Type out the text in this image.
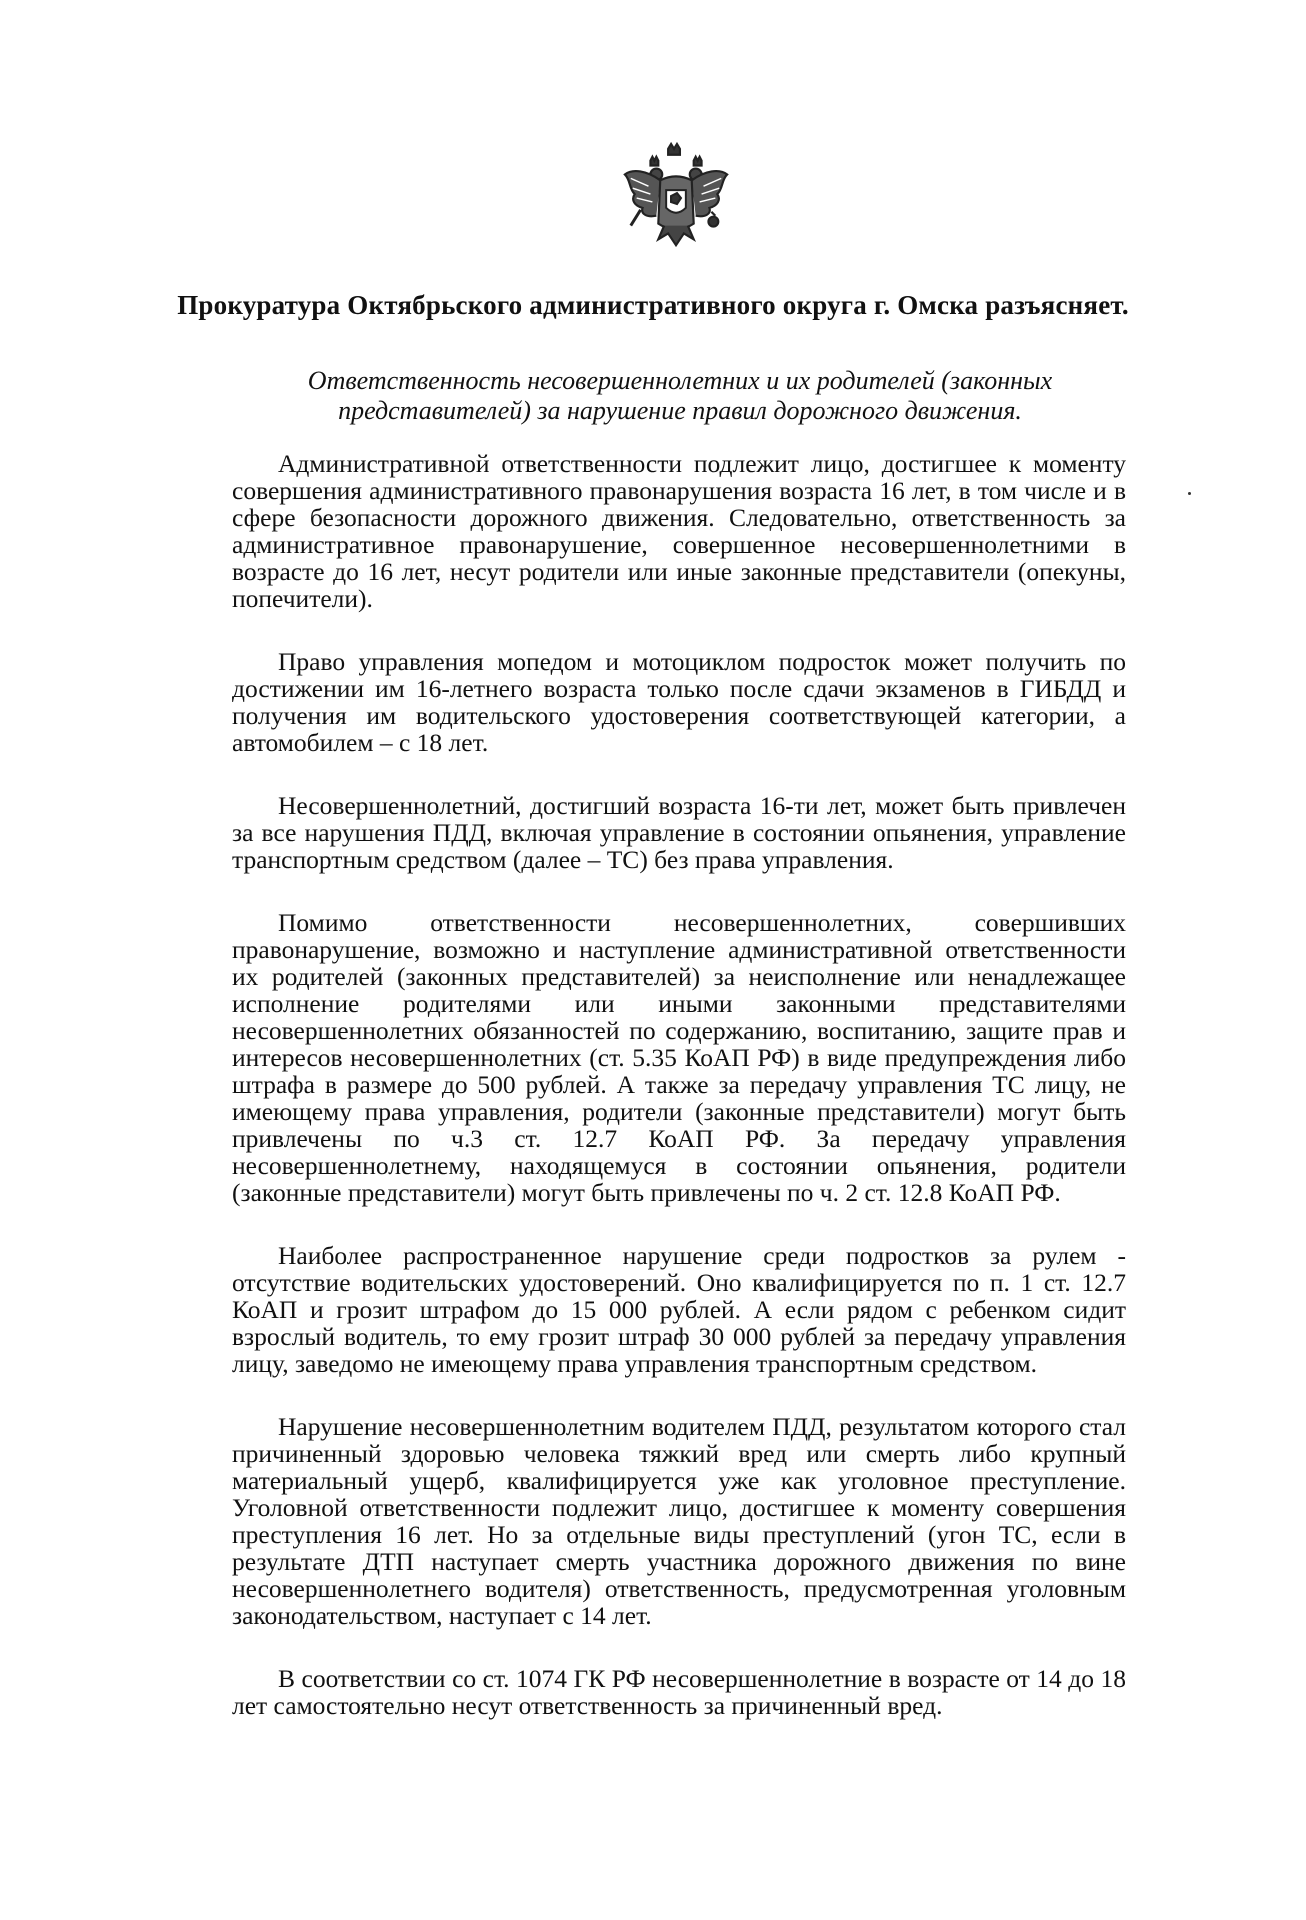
Прокуратура Октябрьского административного округа г. Омска разъясняет.

Ответственность несовершеннолетних и их родителей (законных представителей) за нарушение правил дорожного движения.

Административной ответственности подлежит лицо, достигшее к моменту совершения административного правонарушения возраста 16 лет, в том числе и в сфере безопасности дорожного движения. Следовательно, ответственность за административное правонарушение, совершенное несовершеннолетними в возрасте до 16 лет, несут родители или иные законные представители (опекуны, попечители).

Право управления мопедом и мотоциклом подросток может получить по достижении им 16-летнего возраста только после сдачи экзаменов в ГИБДД и получения им водительского удостоверения соответствующей категории, а автомобилем – с 18 лет.

Несовершеннолетний, достигший возраста 16-ти лет, может быть привлечен за все нарушения ПДД, включая управление в состоянии опьянения, управление транспортным средством (далее – ТС) без права управления.

Помимо ответственности несовершеннолетних, совершивших правонарушение, возможно и наступление административной ответственности их родителей (законных представителей) за неисполнение или ненадлежащее исполнение родителями или иными законными представителями несовершеннолетних обязанностей по содержанию, воспитанию, защите прав и интересов несовершеннолетних (ст. 5.35 КоАП РФ) в виде предупреждения либо штрафа в размере до 500 рублей. А также за передачу управления ТС лицу, не имеющему права управления, родители (законные представители) могут быть привлечены по ч.3 ст. 12.7 КоАП РФ. За передачу управления несовершеннолетнему, находящемуся в состоянии опьянения, родители (законные представители) могут быть привлечены по ч. 2 ст. 12.8 КоАП РФ.

Наиболее распространенное нарушение среди подростков за рулем - отсутствие водительских удостоверений. Оно квалифицируется по п. 1 ст. 12.7 КоАП и грозит штрафом до 15 000 рублей. А если рядом с ребенком сидит взрослый водитель, то ему грозит штраф 30 000 рублей за передачу управления лицу, заведомо не имеющему права управления транспортным средством.

Нарушение несовершеннолетним водителем ПДД, результатом которого стал причиненный здоровью человека тяжкий вред или смерть либо крупный материальный ущерб, квалифицируется уже как уголовное преступление. Уголовной ответственности подлежит лицо, достигшее к моменту совершения преступления 16 лет. Но за отдельные виды преступлений (угон ТС, если в результате ДТП наступает смерть участника дорожного движения по вине несовершеннолетнего водителя) ответственность, предусмотренная уголовным законодательством, наступает с 14 лет.

В соответствии со ст. 1074 ГК РФ несовершеннолетние в возрасте от 14 до 18 лет самостоятельно несут ответственность за причиненный вред.
